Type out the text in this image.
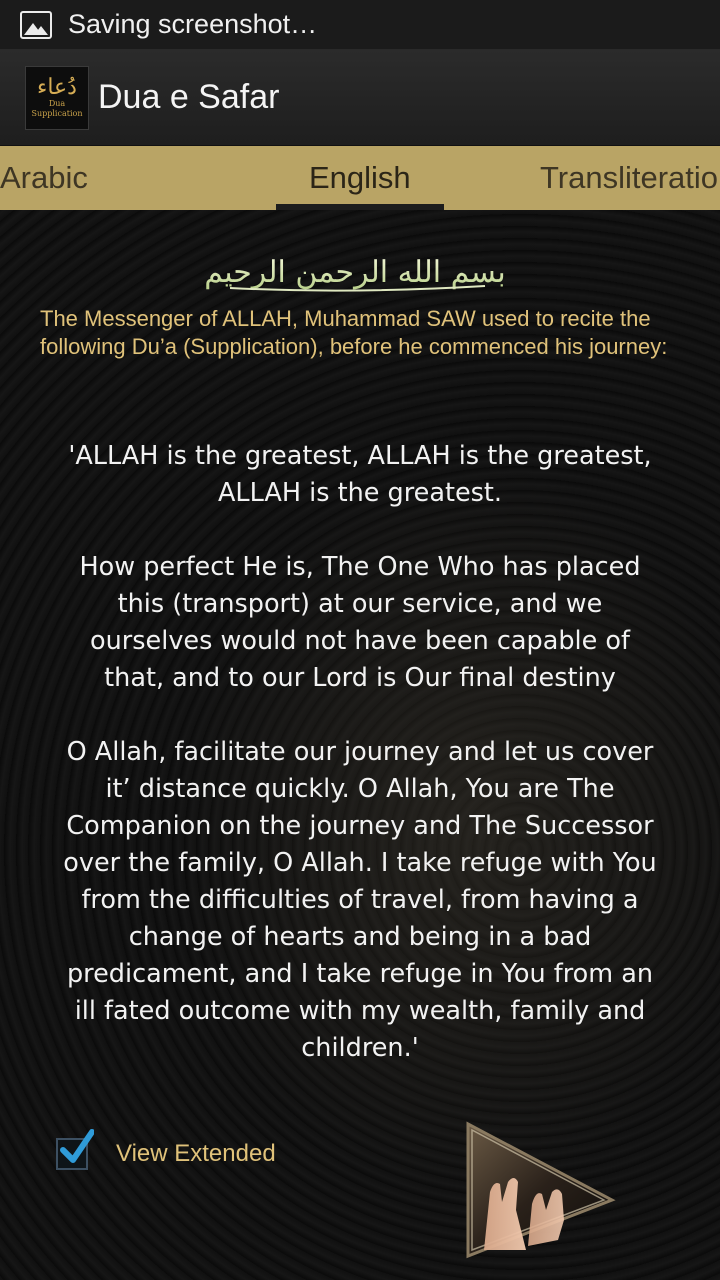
Saving screenshot…
دُعاء
Dua
Supplication Dua e Safar
Arabic	English	Transliteratio
بسم الله الرحمن الرحيم
The Messenger of ALLAH, Muhammad SAW used to recite the following Du’a (Supplication), before he commenced his journey:

'ALLAH is the greatest, ALLAH is the greatest, ALLAH is the greatest.

How perfect He is, The One Who has placed this (transport) at our service, and we ourselves would not have been capable of that, and to our Lord is Our final destiny

O Allah, facilitate our journey and let us cover it’ distance quickly. O Allah, You are The Companion on the journey and The Successor over the family, O Allah. I take refuge with You from the difficulties of travel, from having a change of hearts and being in a bad predicament, and I take refuge in You from an ill fated outcome with my wealth, family and children.'

View Extended
